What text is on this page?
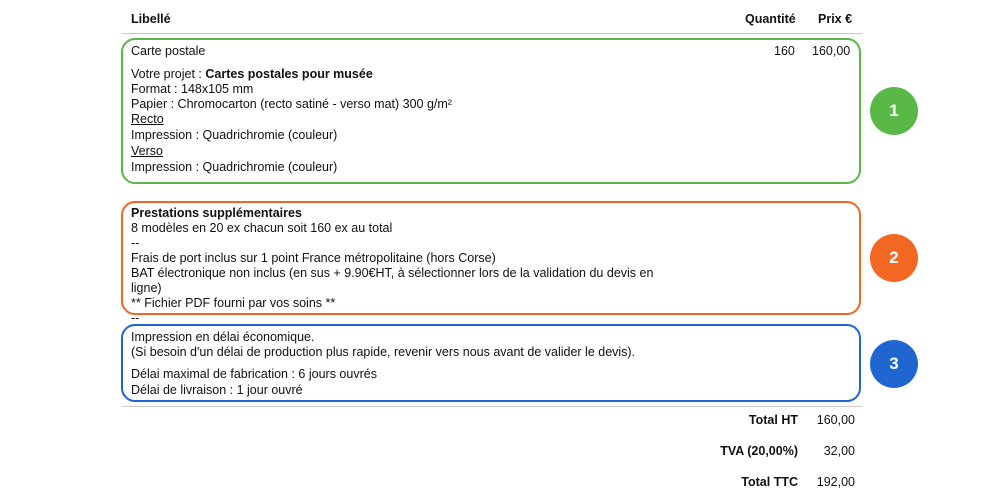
Libellé	Quantité Prix €
Carte postale	160 160,00
Votre projet : Cartes postales pour musée
Format : 148x105 mm
Papier : Chromocarton (recto satiné - verso mat) 300 g/m²
Recto
Impression : Quadrichromie (couleur)
Verso
Impression : Quadrichromie (couleur)
1
Prestations supplémentaires
8 modèles en 20 ex chacun soit 160 ex au total
--
Frais de port inclus sur 1 point France métropolitaine (hors Corse)
BAT électronique non inclus (en sus + 9.90€HT, à sélectionner lors de la validation du devis en
ligne)
** Fichier PDF fourni par vos soins **
2
--
Impression en délai économique.
(Si besoin d'un délai de production plus rapide, revenir vers nous avant de valider le devis).
Délai maximal de fabrication : 6 jours ouvrés
Délai de livraison : 1 jour ouvré
3
Total HT 160,00
TVA (20,00%) 32,00
Total TTC 192,00
